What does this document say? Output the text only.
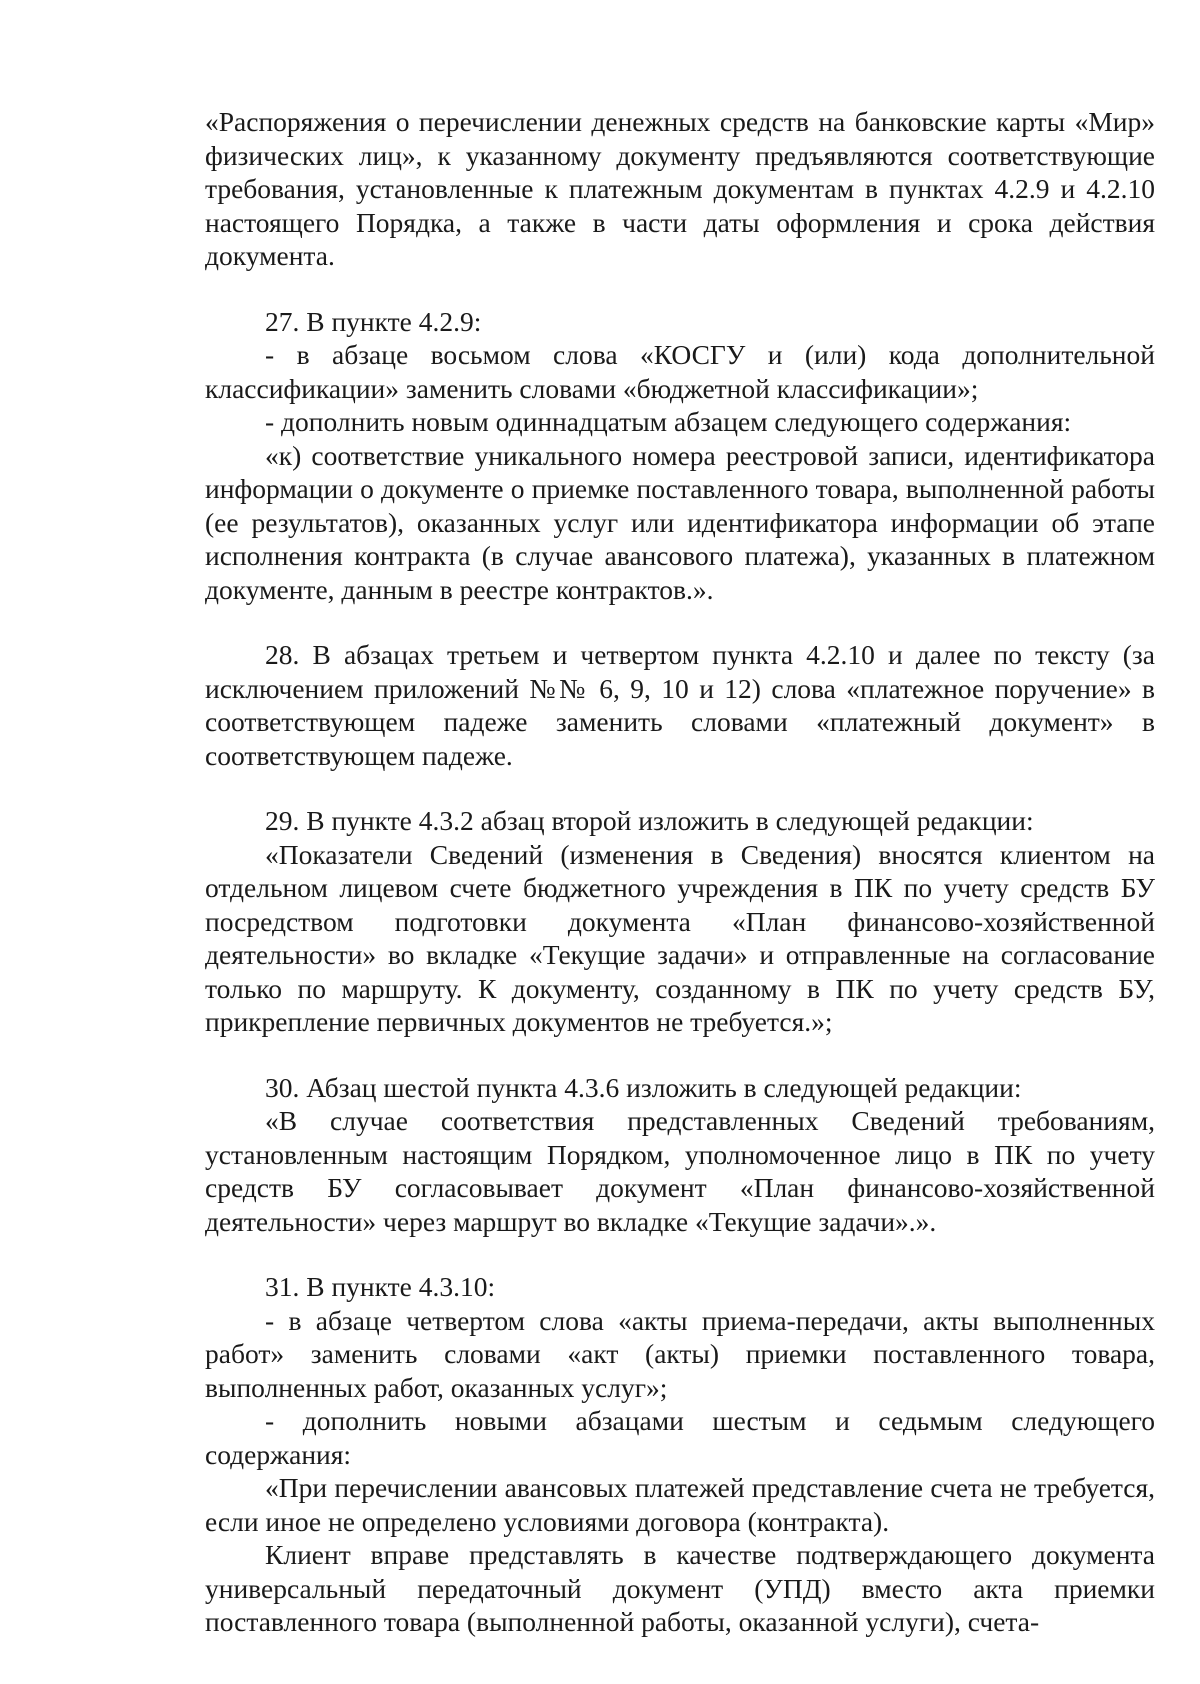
«Распоряжения о перечислении денежных средств на банковские карты «Мир» физических лиц», к указанному документу предъявляются соответствующие требования, установленные к платежным документам в пунктах 4.2.9 и 4.2.10 настоящего Порядка, а также в части даты оформления и срока действия документа.

27. В пункте 4.2.9:

- в абзаце восьмом слова «КОСГУ и (или) кода дополнительной классификации» заменить словами «бюджетной классификации»;

- дополнить новым одиннадцатым абзацем следующего содержания:

«к) соответствие уникального номера реестровой записи, идентификатора информации о документе о приемке поставленного товара, выполненной работы (ее результатов), оказанных услуг или идентификатора информации об этапе исполнения контракта (в случае авансового платежа), указанных в платежном документе, данным в реестре контрактов.».

28. В абзацах третьем и четвертом пункта 4.2.10 и далее по тексту (за исключением приложений №№ 6, 9, 10 и 12) слова «платежное поручение» в соответствующем падеже заменить словами «платежный документ» в соответствующем падеже.

29. В пункте 4.3.2 абзац второй изложить в следующей редакции:

«Показатели Сведений (изменения в Сведения) вносятся клиентом на отдельном лицевом счете бюджетного учреждения в ПК по учету средств БУ посредством подготовки документа «План финансово-хозяйственной деятельности» во вкладке «Текущие задачи» и отправленные на согласование только по маршруту. К документу, созданному в ПК по учету средств БУ, прикрепление первичных документов не требуется.»;

30. Абзац шестой пункта 4.3.6 изложить в следующей редакции:

«В случае соответствия представленных Сведений требованиям, установленным настоящим Порядком, уполномоченное лицо в ПК по учету средств БУ согласовывает документ «План финансово-хозяйственной деятельности» через маршрут во вкладке «Текущие задачи».».

31. В пункте 4.3.10:

- в абзаце четвертом слова «акты приема-передачи, акты выполненных работ» заменить словами «акт (акты) приемки поставленного товара, выполненных работ, оказанных услуг»;

- дополнить новыми абзацами шестым и седьмым следующего содержания:

«При перечислении авансовых платежей представление счета не требуется, если иное не определено условиями договора (контракта).

Клиент вправе представлять в качестве подтверждающего документа универсальный передаточный документ (УПД) вместо акта приемки поставленного товара (выполненной работы, оказанной услуги), счета-
